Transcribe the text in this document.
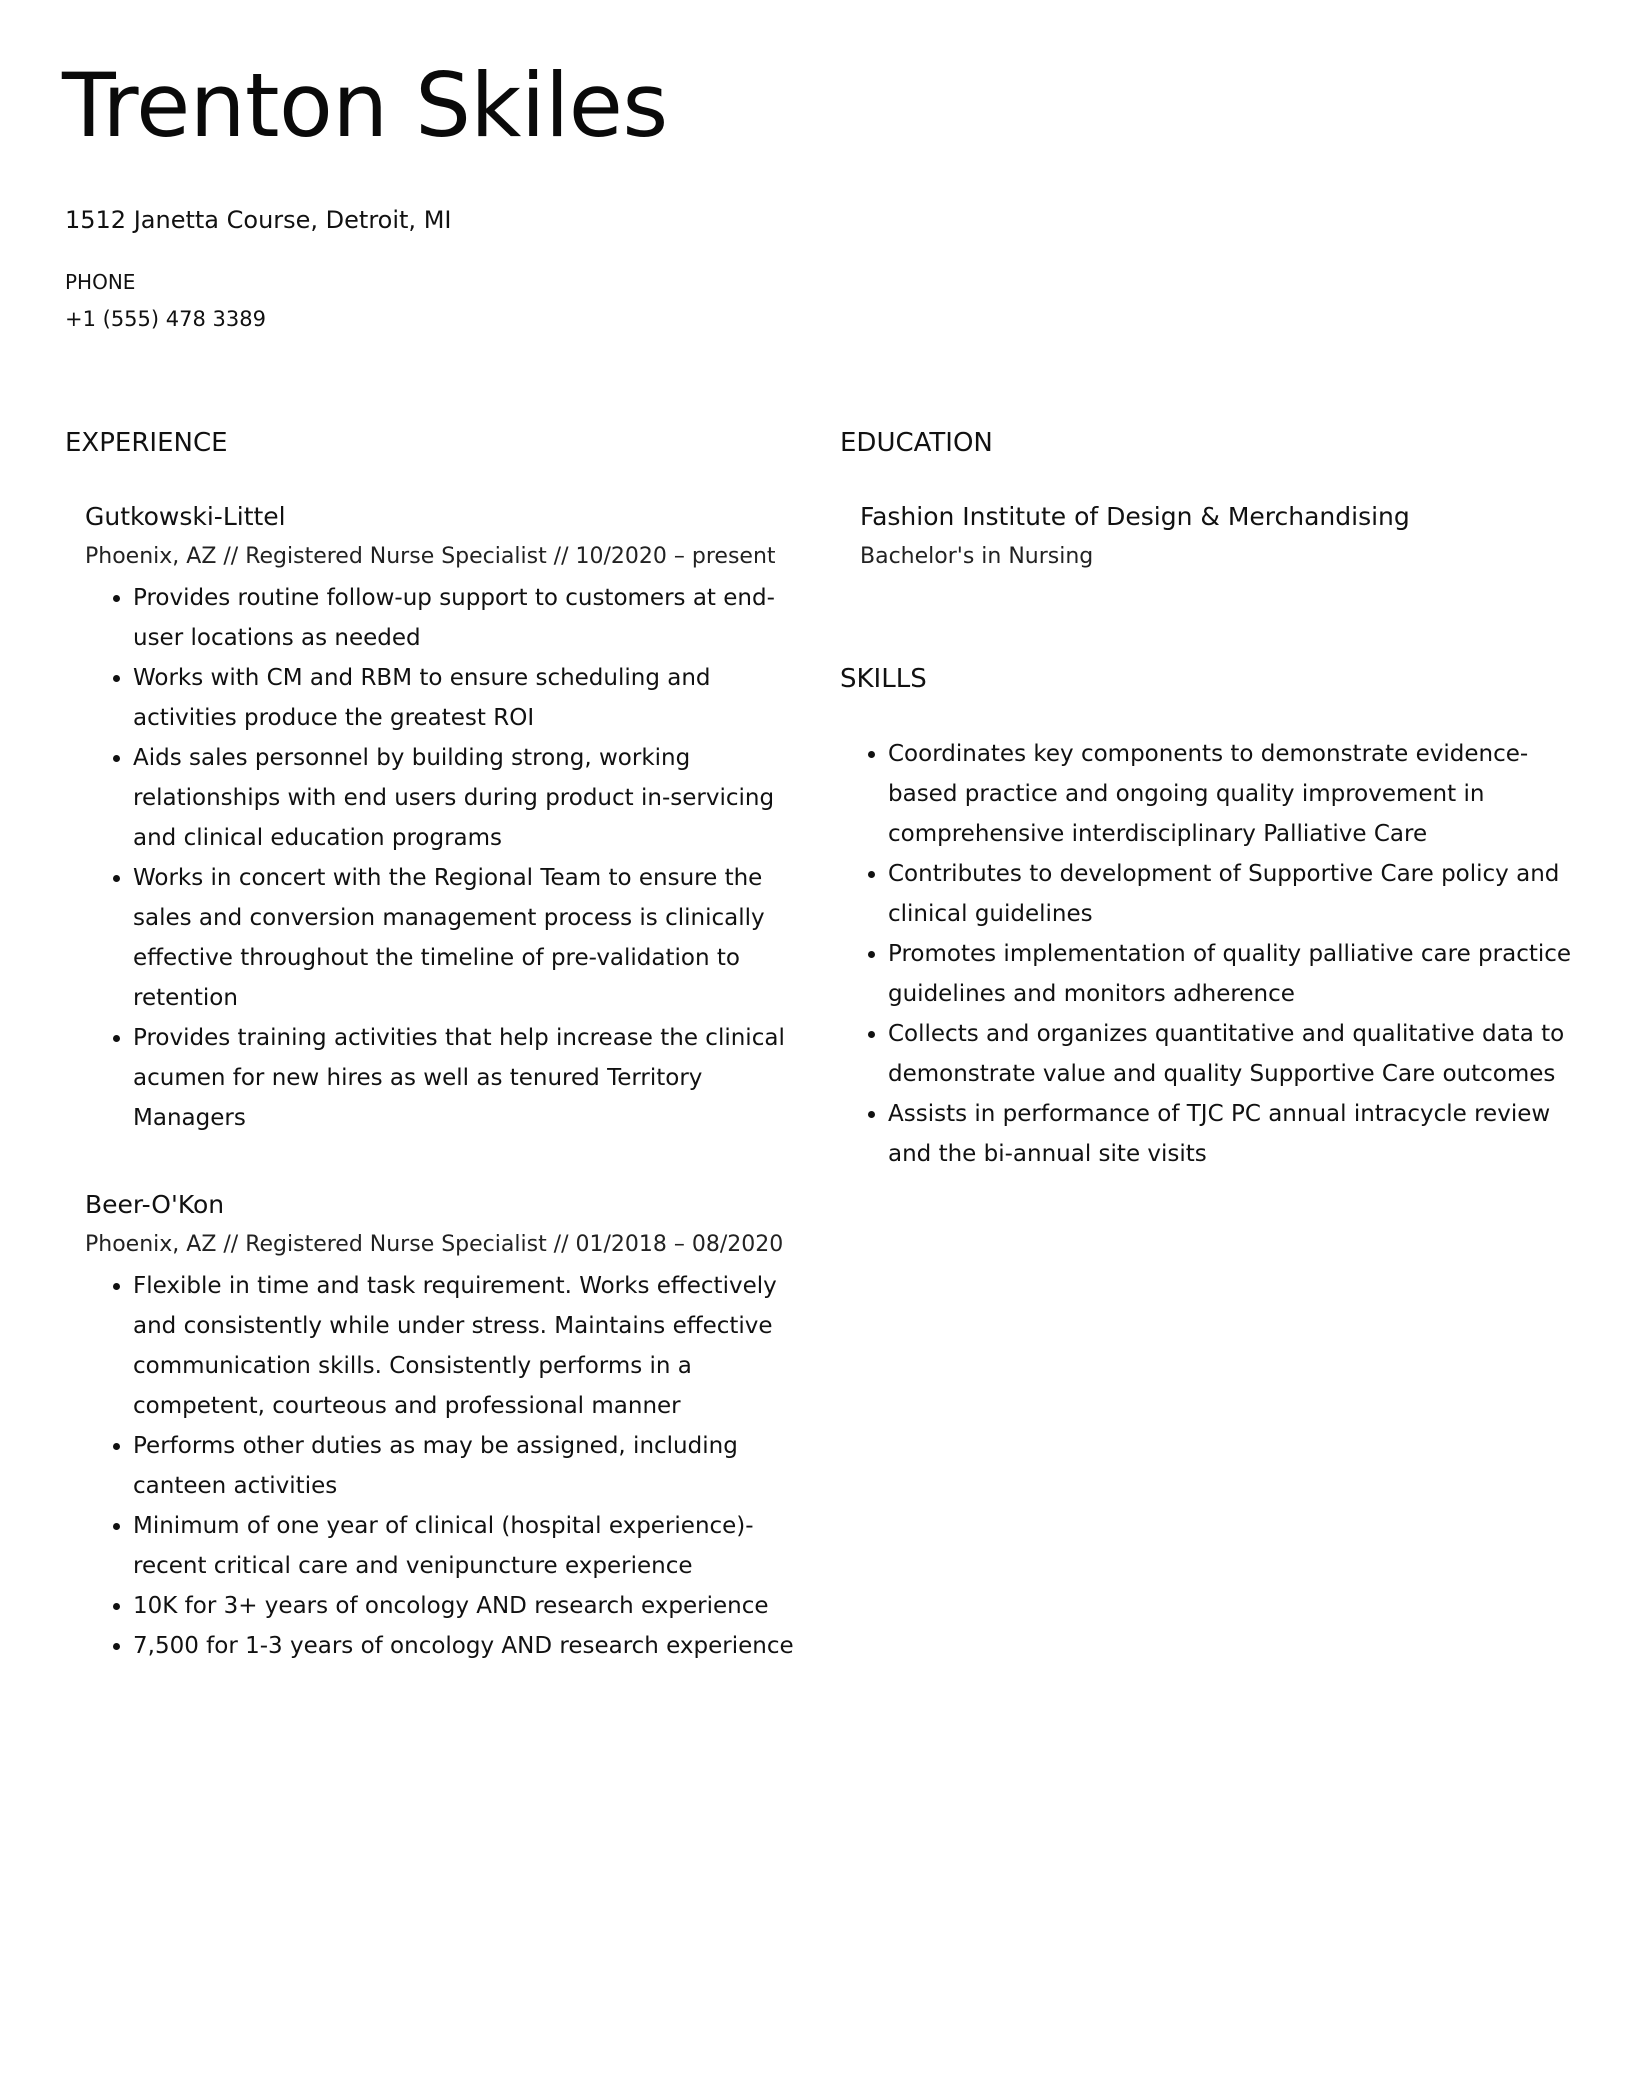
Trenton Skiles
1512 Janetta Course, Detroit, MI
PHONE
+1 (555) 478 3389
EXPERIENCE
Gutkowski-Littel
Phoenix, AZ // Registered Nurse Specialist // 10/2020 – present
• Provides routine follow-up support to customers at end-user locations as needed
• Works with CM and RBM to ensure scheduling and activities produce the greatest ROI
• Aids sales personnel by building strong, working relationships with end users during product in-servicing and clinical education programs
• Works in concert with the Regional Team to ensure the sales and conversion management process is clinically effective throughout the timeline of pre-validation to retention
• Provides training activities that help increase the clinical acumen for new hires as well as tenured Territory Managers
Beer-O'Kon
Phoenix, AZ // Registered Nurse Specialist // 01/2018 – 08/2020
• Flexible in time and task requirement. Works effectively and consistently while under stress. Maintains effective communication skills. Consistently performs in a competent, courteous and professional manner
• Performs other duties as may be assigned, including canteen activities
• Minimum of one year of clinical (hospital experience)-recent critical care and venipuncture experience
• 10K for 3+ years of oncology AND research experience
• 7,500 for 1-3 years of oncology AND research experience
EDUCATION
Fashion Institute of Design & Merchandising
Bachelor's in Nursing
SKILLS
• Coordinates key components to demonstrate evidence-based practice and ongoing quality improvement in comprehensive interdisciplinary Palliative Care
• Contributes to development of Supportive Care policy and clinical guidelines
• Promotes implementation of quality palliative care practice guidelines and monitors adherence
• Collects and organizes quantitative and qualitative data to demonstrate value and quality Supportive Care outcomes
• Assists in performance of TJC PC annual intracycle review and the bi-annual site visits
